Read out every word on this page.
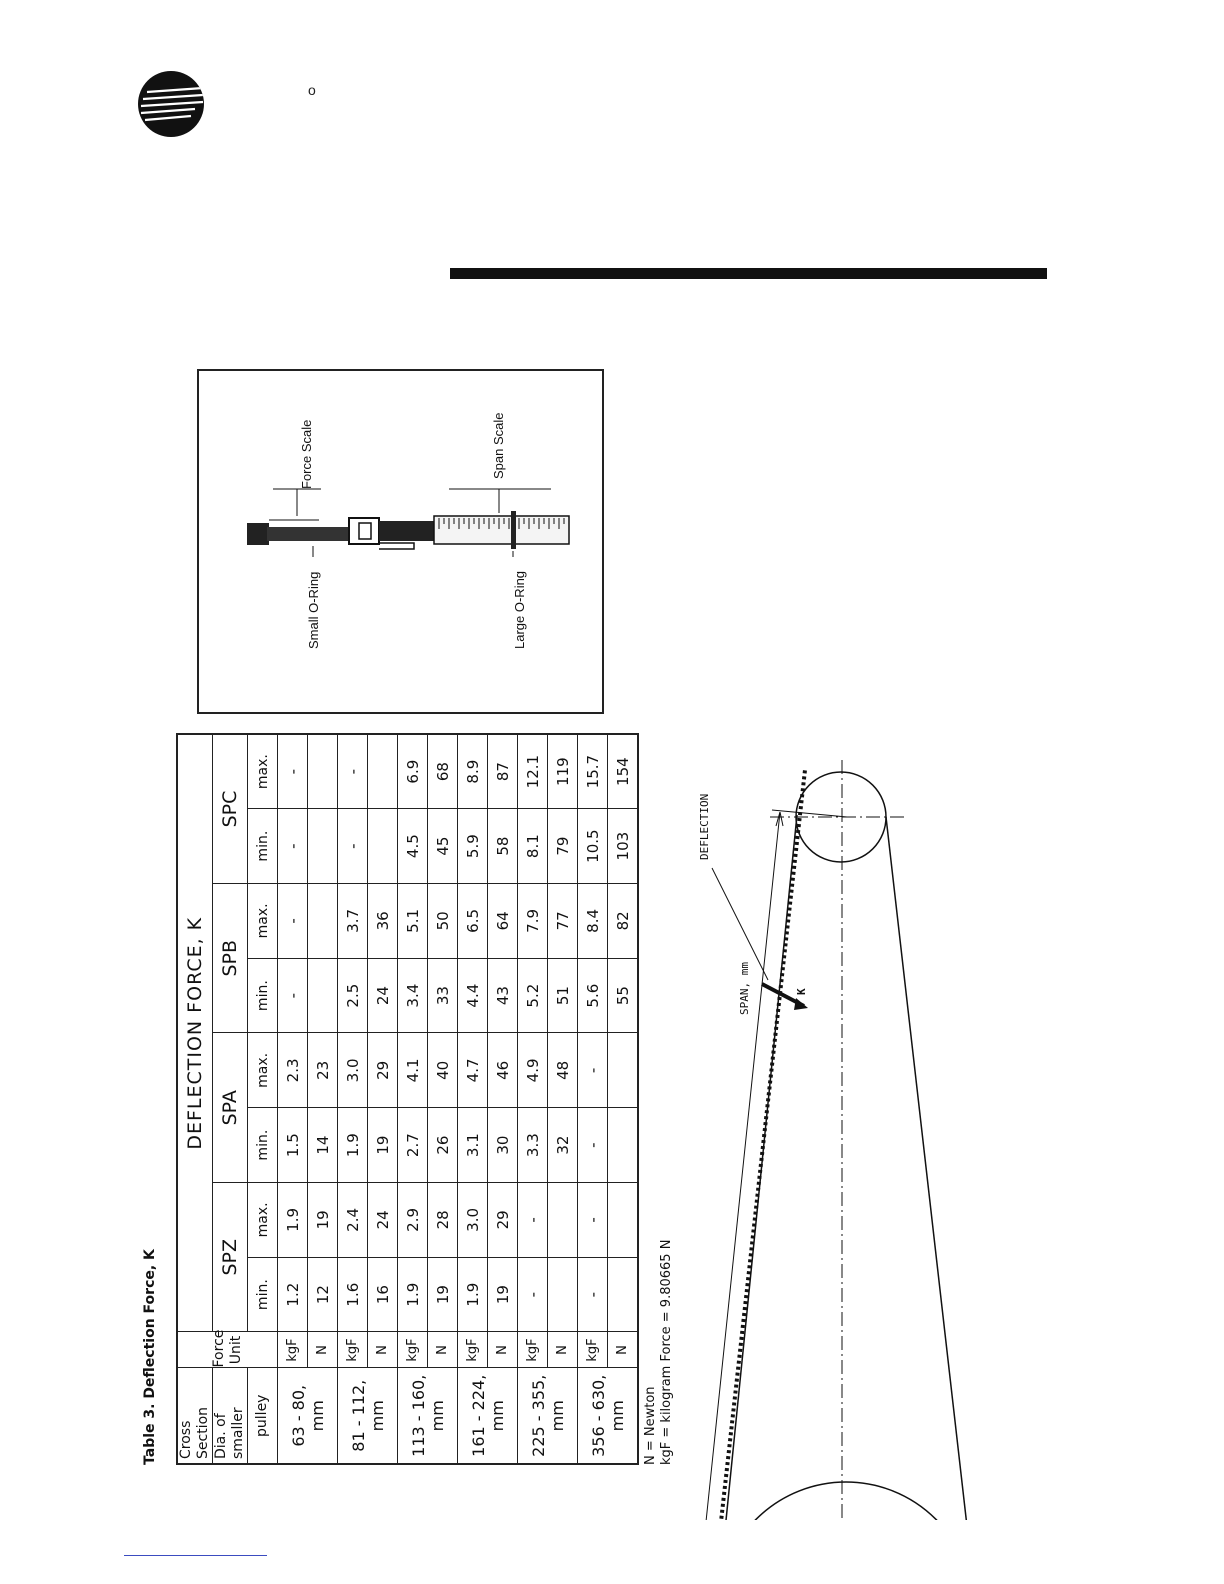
o
Force Scale	Span Scale
Small O-Ring	Large O-Ring
Table 3. Deflection Force, K	Cross Section	Force
Unit	DEFLECTION FORCE, K							
Dia. of smaller		SPZ		SPA		SPB		SPC	
pulley		min.	max.	min.	max.	min.	max.	min.	max.
63 - 80, mm	kgF	1.2	1.9	1.5	2.3	-	-	-	-
	N	12	19	14	23				
81 - 112, mm	kgF	1.6	2.4	1.9	3.0	2.5	3.7	-	-
	N	16	24	19	29	24	36		
113 - 160, mm	kgF	1.9	2.9	2.7	4.1	3.4	5.1	4.5	6.9
	N	19	28	26	40	33	50	45	68
161 - 224, mm	kgF	1.9	3.0	3.1	4.7	4.4	6.5	5.9	8.9
	N	19	29	30	46	43	64	58	87
225 - 355, mm	kgF	-	-	3.3	4.9	5.2	7.9	8.1	12.1
	N			32	48	51	77	79	119
356 - 630, mm	kgF	-	-	-	-	5.6	8.4	10.5	15.7
	N					55	82	103	154
N = Newton kgF = kilogram Force = 9.80665 N
DEFLECTION
SPAN, mm	K
